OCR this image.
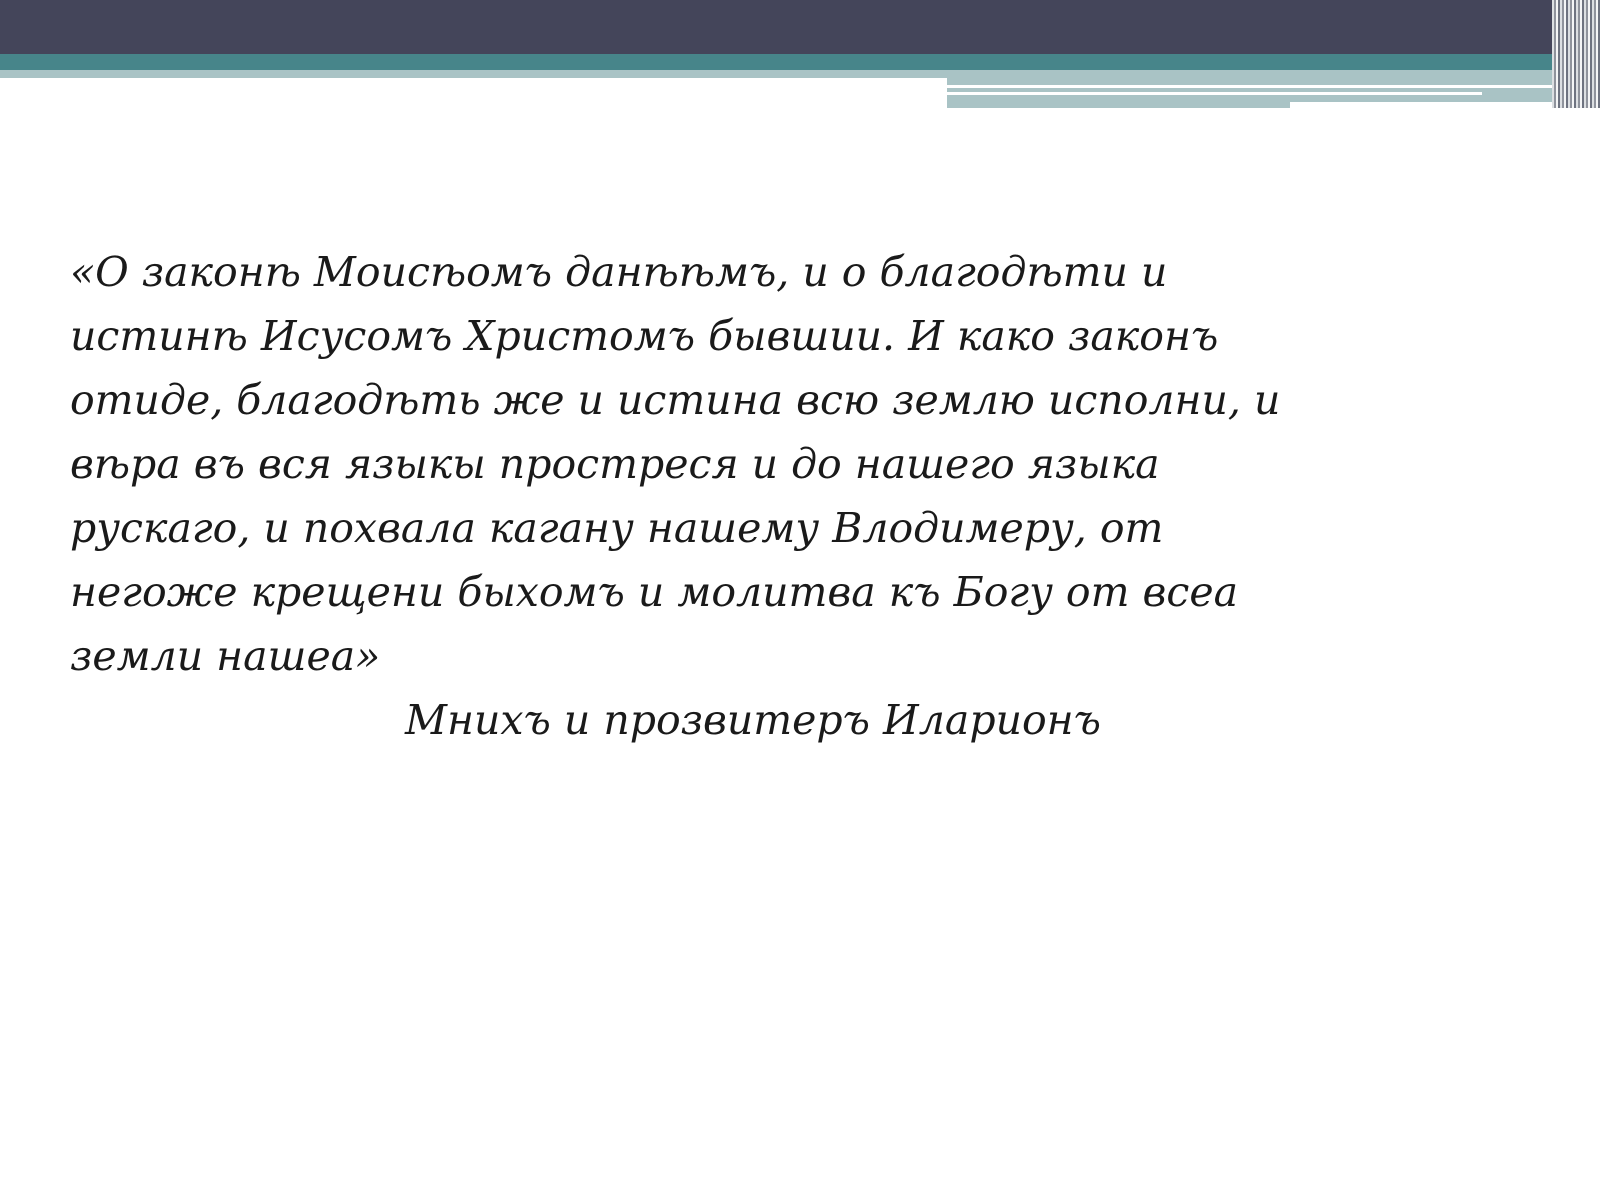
«О законѣ Моисѣомъ данѣѣмъ, и о благодѣти и
истинѣ Исусомъ Христомъ бывшии. И како законъ
отиде, благодѣть же и истина всю землю исполни, и
вѣра въ вся языкы простреся и до нашего языка
рускаго, и похвала кагану нашему Влодимеру, от
негоже крещени быхомъ и молитва къ Богу от всеа
земли нашеа»
Мнихъ и прозвитеръ Иларионъ
